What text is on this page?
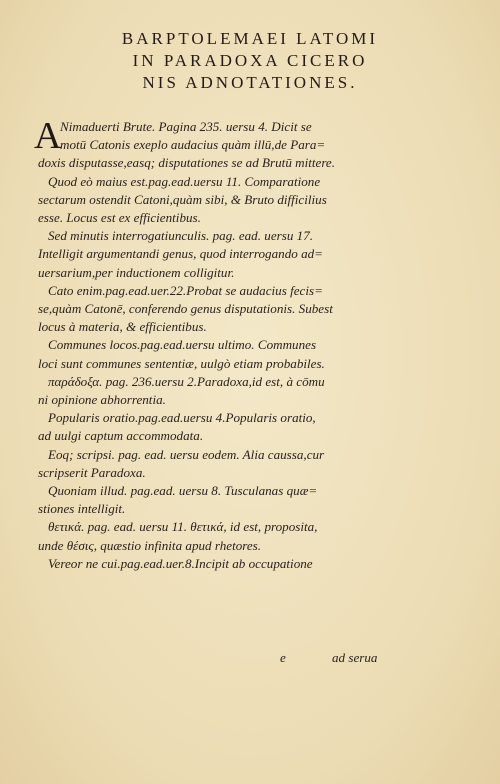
BARPTOLEMAEI LATOMI
IN PARADOXA CICERO
NIS ADNOTATIONES.
A
Nimaduerti Brute. Pagina 235. uersu 4. Dicit se
motū Catonis exeplo audacius quàm illū,de Para=
doxis disputasse,easq; disputationes se ad Brutū mittere.
Quod eò maius est.pag.ead.uersu 11. Comparatione
sectarum ostendit Catoni,quàm sibi, & Bruto difficilius
esse. Locus est ex efficientibus.
Sed minutis interrogatiunculis. pag. ead. uersu 17.
Intelligit argumentandi genus, quod interrogando ad=
uersarium,per inductionem colligitur.
Cato enim.pag.ead.uer.22.Probat se audacius fecis=
se,quàm Catonē, conferendo genus disputationis. Subest
locus à materia, & efficientibus.
Communes locos.pag.ead.uersu ultimo. Communes
loci sunt communes sententiæ, uulgò etiam probabiles.
παράδοξα. pag. 236.uersu 2.Paradoxa,id est, à cōmu
ni opinione abhorrentia.
Popularis oratio.pag.ead.uersu 4.Popularis oratio,
ad uulgi captum accommodata.
Eoq; scripsi. pag. ead. uersu eodem. Alia caussa,cur
scripserit Paradoxa.
Quoniam illud. pag.ead. uersu 8. Tusculanas quæ=
stiones intelligit.
θετικά. pag. ead. uersu 11. θετικά, id est, proposita,
unde θέσις, quæstio infinita apud rhetores.
Vereor ne cui.pag.ead.uer.8.Incipit ab occupatione
e	ad serua
